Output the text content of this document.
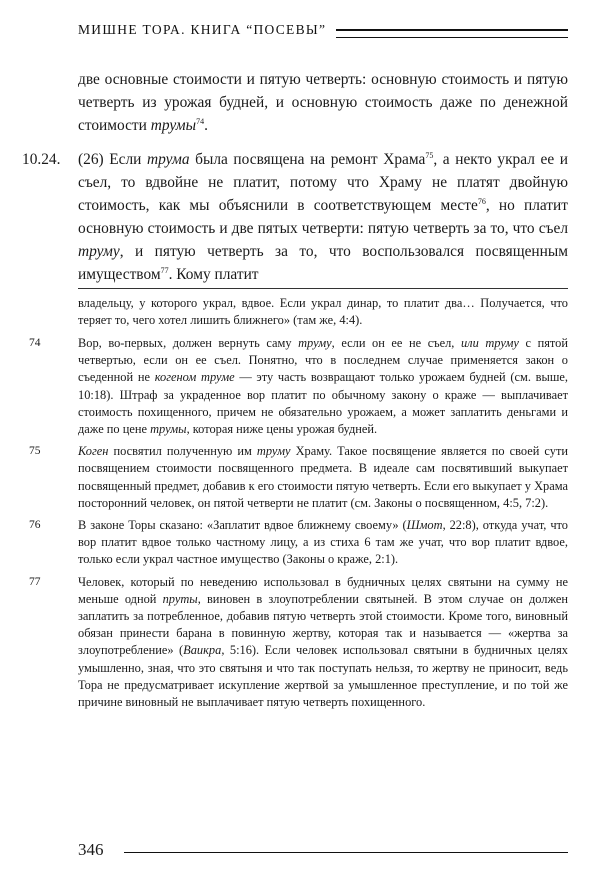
МИШНЕ ТОРА. КНИГА “ПОСЕВЫ”

две основные стоимости и пятую четверть: основную стоимость и пятую четверть из урожая будней, и основную стоимость даже по денежной стоимости трумы$^{74}$.

10.24. (26) Если трума была посвящена на ремонт Храма$^{75}$, а некто украл ее и съел, то вдвойне не платит, потому что Храму не платят двойную стоимость, как мы объяснили в соответствующем месте$^{76}$, но платит основную стоимость и две пятых четверти: пятую четверть за то, что съел труму, и пятую четверть за то, что воспользовался посвященным имуществом$^{77}$. Кому платит

владельцу, у которого украл, вдвое. Если украл динар, то платит два… Получается, что теряет то, чего хотел лишить ближнего» (там же, 4:4).

74	Вор, во-первых, должен вернуть саму труму, если он ее не съел, или труму с пятой четвертью, если он ее съел. Понятно, что в последнем случае применяется закон о съеденной не когеном труме — эту часть возвращают только урожаем будней (см. выше, 10:18). Штраф за украденное вор платит по обычному закону о краже — выплачивает стоимость похищенного, причем не обязательно урожаем, а может заплатить деньгами и даже по цене трумы, которая ниже цены урожая будней.
75	Коген посвятил полученную им труму Храму. Такое посвящение является по своей сути посвящением стоимости посвященного предмета. В идеале сам посвятивший выкупает посвященный предмет, добавив к его стоимости пятую четверть. Если его выкупает у Храма посторонний человек, он пятой четверти не платит (см. Законы о посвященном, 4:5, 7:2).
76	В законе Торы сказано: «Заплатит вдвое ближнему своему» (Шмот, 22:8), откуда учат, что вор платит вдвое только частному лицу, а из стиха 6 там же учат, что вор платит вдвое, только если украл частное имущество (Законы о краже, 2:1).
77	Человек, который по неведению использовал в будничных целях святыни на сумму не меньше одной пруты, виновен в злоупотреблении святыней. В этом случае он должен заплатить за потребленное, добавив пятую четверть этой стоимости. Кроме того, виновный обязан принести барана в повинную жертву, которая так и называется — «жертва за злоупотребление» (Ваикра, 5:16). Если человек использовал святыни в будничных целях умышленно, зная, что это святыня и что так поступать нельзя, то жертву не приносит, ведь Тора не предусматривает искупление жертвой за умышленное преступление, и по той же причине виновный не выплачивает пятую четверть похищенного.
346
